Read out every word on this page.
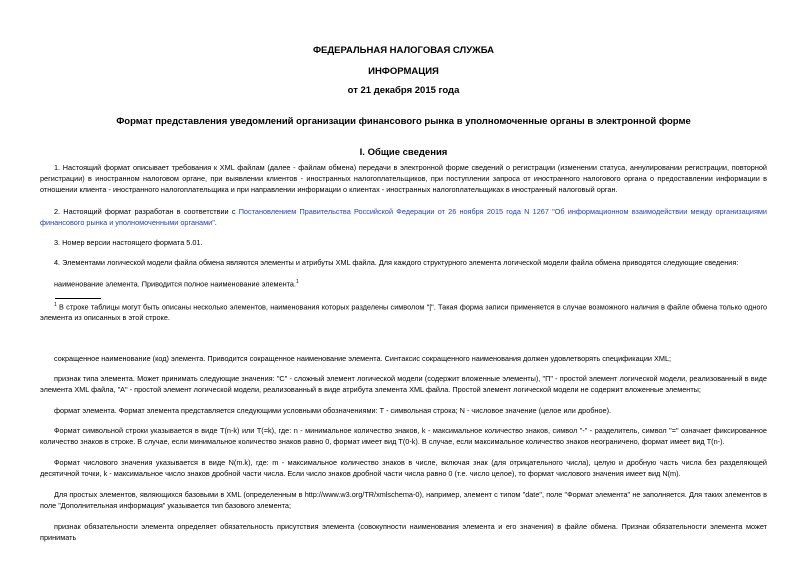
ФЕДЕРАЛЬНАЯ НАЛОГОВАЯ СЛУЖБА
ИНФОРМАЦИЯ
от 21 декабря 2015 года
Формат представления уведомлений организации финансового рынка в уполномоченные органы в электронной форме
I. Общие сведения
1. Настоящий формат описывает требования к XML файлам (далее - файлам обмена) передачи в электронной форме сведений о регистрации (изменении статуса, аннулировании регистрации, повторной регистрации) в иностранном налоговом органе, при выявлении клиентов - иностранных налогоплательщиков, при поступлении запроса от иностранного налогового органа о предоставлении информации в отношении клиента - иностранного налогоплательщика и при направлении информации о клиентах - иностранных налогоплательщиках в иностранный налоговый орган.
2. Настоящий формат разработан в соответствии с Постановлением Правительства Российской Федерации от 26 ноября 2015 года N 1267 "Об информационном взаимодействии между организациями финансового рынка и уполномоченными органами".
3. Номер версии настоящего формата 5.01.
4. Элементами логической модели файла обмена являются элементы и атрибуты XML файла. Для каждого структурного элемента логической модели файла обмена приводятся следующие сведения:
наименование элемента. Приводится полное наименование элемента.$^1$
$^1$ В строке таблицы могут быть описаны несколько элементов, наименования которых разделены символом "|". Такая форма записи применяется в случае возможного наличия в файле обмена только одного элемента из описанных в этой строке.
сокращенное наименование (код) элемента. Приводится сокращенное наименование элемента. Синтаксис сокращенного наименования должен удовлетворять спецификации XML;
признак типа элемента. Может принимать следующие значения: "С" - сложный элемент логической модели (содержит вложенные элементы), "П" - простой элемент логической модели, реализованный в виде элемента XML файла, "А" - простой элемент логической модели, реализованный в виде атрибута элемента XML файла. Простой элемент логической модели не содержит вложенные элементы;
формат элемента. Формат элемента представляется следующими условными обозначениями: Т - символьная строка; N - числовое значение (целое или дробное).
Формат символьной строки указывается в виде Т(n-k) или Т(=k), где: n - минимальное количество знаков, k - максимальное количество знаков, символ "-" - разделитель, символ "=" означает фиксированное количество знаков в строке. В случае, если минимальное количество знаков равно 0, формат имеет вид Т(0-k). В случае, если максимальное количество знаков неограничено, формат имеет вид Т(n-).
Формат числового значения указывается в виде N(m.k), где: m - максимальное количество знаков в числе, включая знак (для отрицательного числа), целую и дробную часть числа без разделяющей десятичной точки, k - максимальное число знаков дробной части числа. Если число знаков дробной части числа равно 0 (т.е. число целое), то формат числового значения имеет вид N(m).
Для простых элементов, являющихся базовыми в XML (определенным в http://www.w3.org/TR/xmlschema-0), например, элемент с типом "date", поле "Формат элемента" не заполняется. Для таких элементов в поле "Дополнительная информация" указывается тип базового элемента;
признак обязательности элемента определяет обязательность присутствия элемента (совокупности наименования элемента и его значения) в файле обмена. Признак обязательности элемента может принимать
